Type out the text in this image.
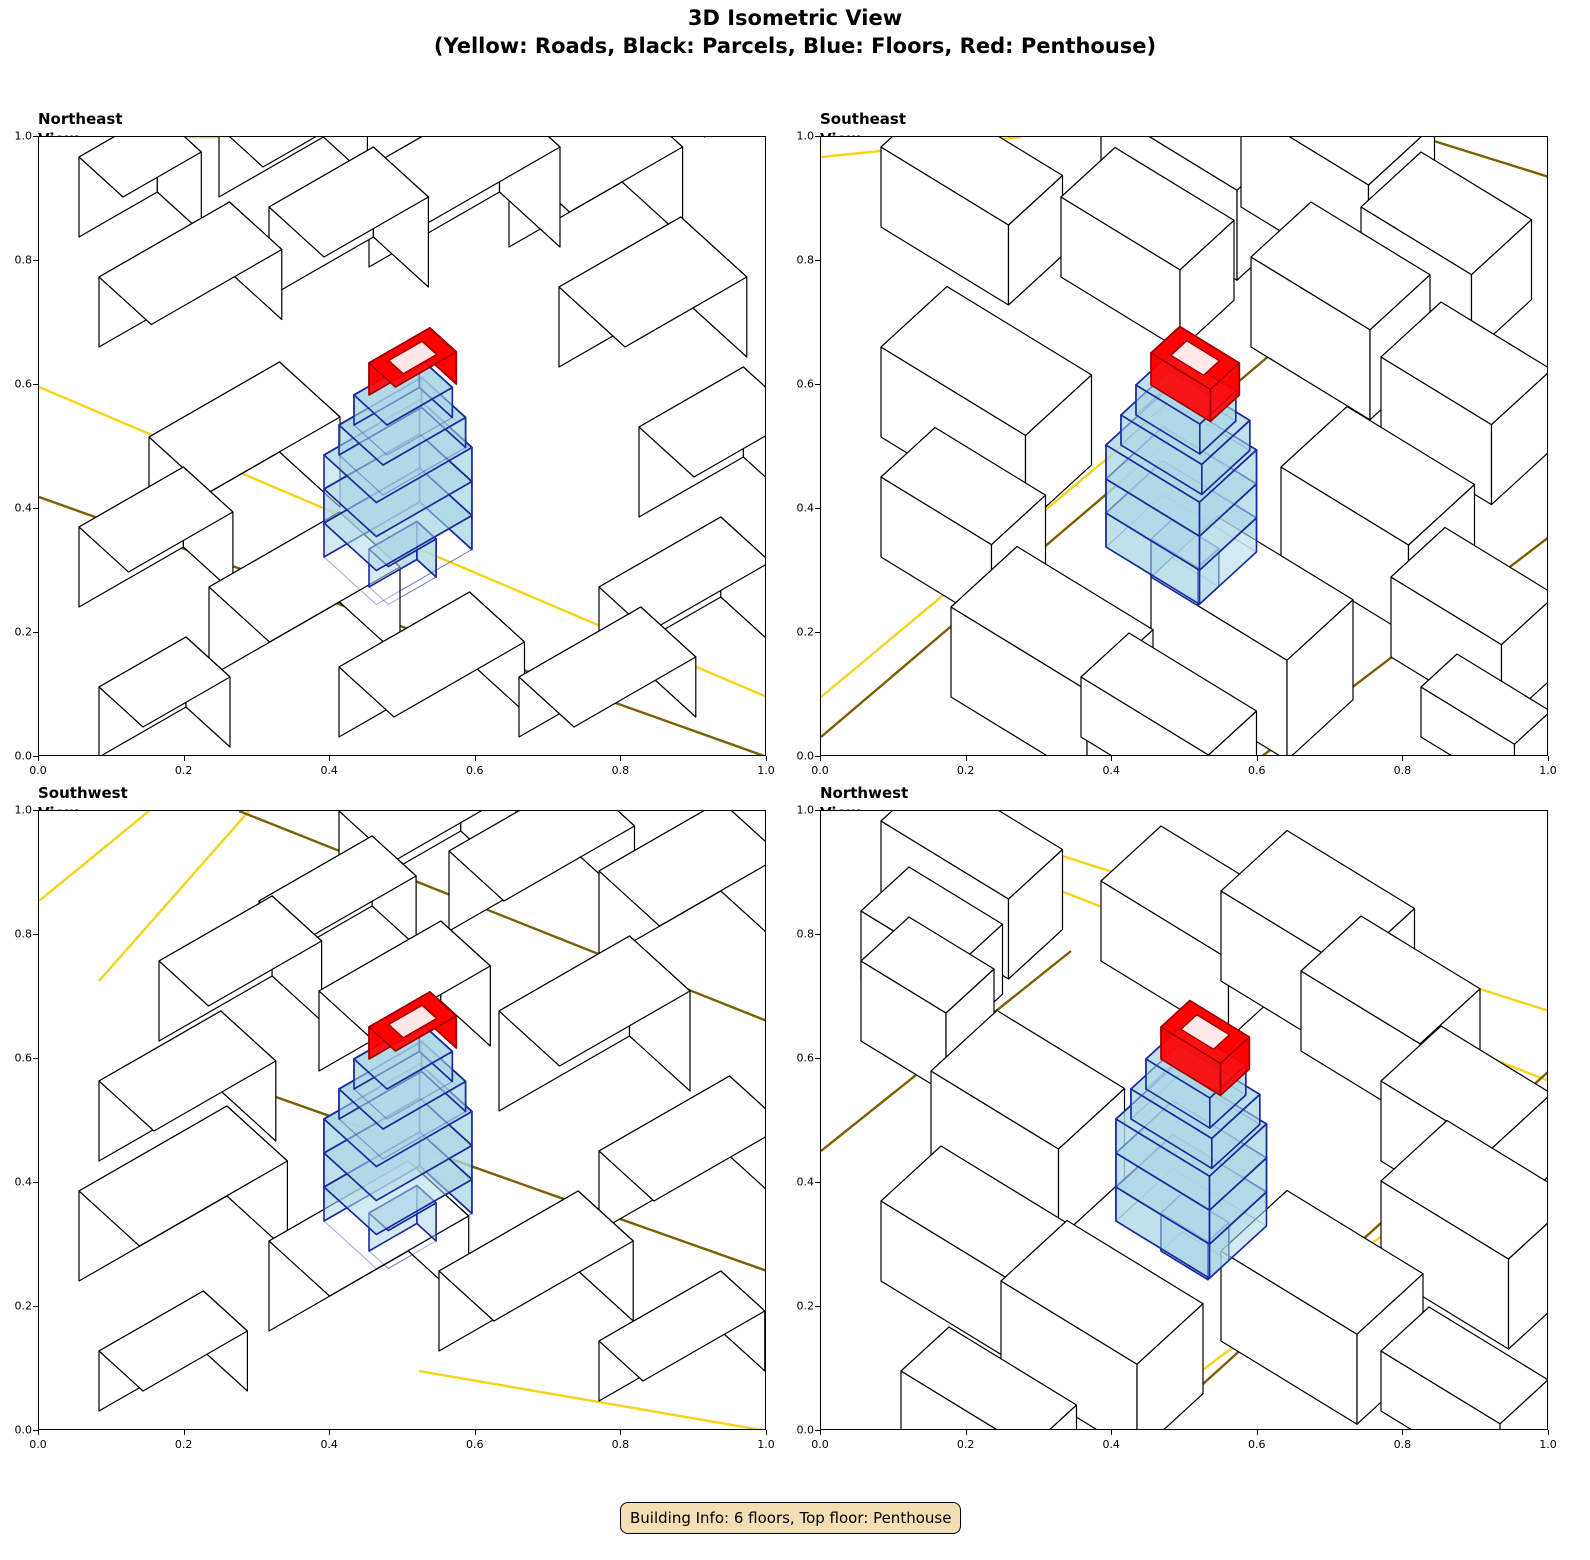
3D Isometric View
(Yellow: Roads, Black: Parcels, Blue: Floors, Red: Penthouse)
Northeast
0.0
0.0
0.2
0.2
0.4
0.4
0.6
0.6
0.8
0.8
1.0
1.0
Southeast
0.0
0.0
0.2
0.2
0.4
0.4
0.6
0.6
0.8
0.8
1.0
1.0
Southwest
0.0
0.0
0.2
0.2
0.4
0.4
0.6
0.6
0.8
0.8
1.0
1.0
Northwest
0.0
0.0
0.2
0.2
0.4
0.4
0.6
0.6
0.8
0.8
1.0
1.0
Building Info: 6 floors, Top floor: Penthouse
